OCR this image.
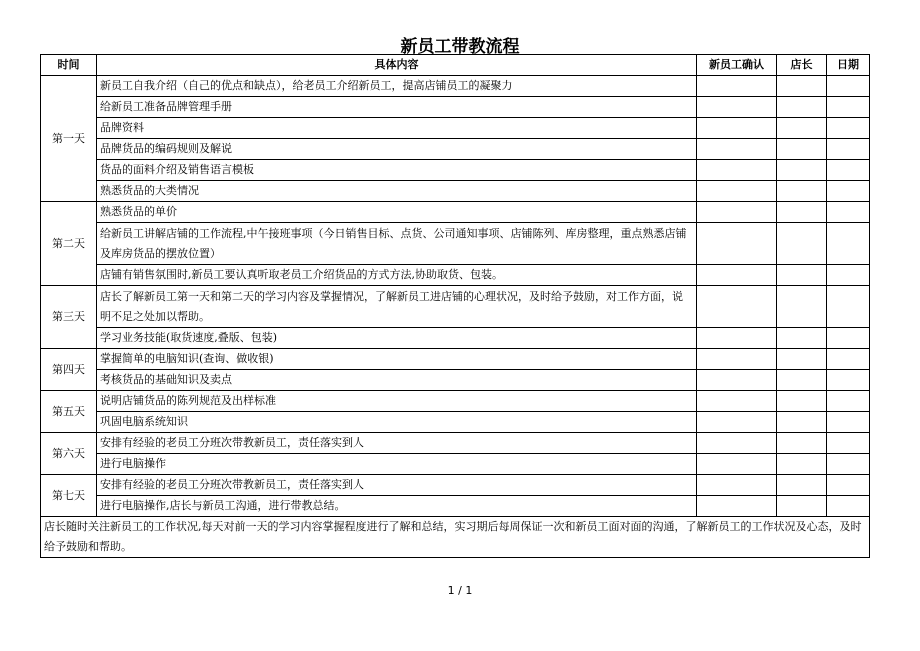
新员工带教流程
时间	具体内容	新员工确认	店长	日期
第一天	新员工自我介绍（自己的优点和缺点），给老员工介绍新员工，提高店铺员工的凝聚力			
	给新员工准备品牌管理手册			
	品牌资料			
	品牌货品的编码规则及解说			
	货品的面料介绍及销售语言模板			
	熟悉货品的大类情况			
第二天	熟悉货品的单价			
	给新员工讲解店铺的工作流程,中午接班事项（今日销售目标、点货、公司通知事项、店铺陈列、库房整理，重点熟悉店铺及库房货品的摆放位置）			
	店铺有销售氛围时,新员工要认真听取老员工介绍货品的方式方法,协助取货、包装。			
第三天	店长了解新员工第一天和第二天的学习内容及掌握情况，了解新员工进店铺的心理状况，及时给予鼓励，对工作方面，说明不足之处加以帮助。			
	学习业务技能(取货速度,叠版、包装)			
第四天	掌握简单的电脑知识(查询、做收银)			
	考核货品的基础知识及卖点			
第五天	说明店铺货品的陈列规范及出样标准			
	巩固电脑系统知识			
第六天	安排有经验的老员工分班次带教新员工，责任落实到人			
	进行电脑操作			
第七天	安排有经验的老员工分班次带教新员工，责任落实到人			
	进行电脑操作,店长与新员工沟通，进行带教总结。			
店长随时关注新员工的工作状况,每天对前一天的学习内容掌握程度进行了解和总结，实习期后每周保证一次和新员工面对面的沟通，了解新员工的工作状况及心态，及时给予鼓励和帮助。				
1 / 1
